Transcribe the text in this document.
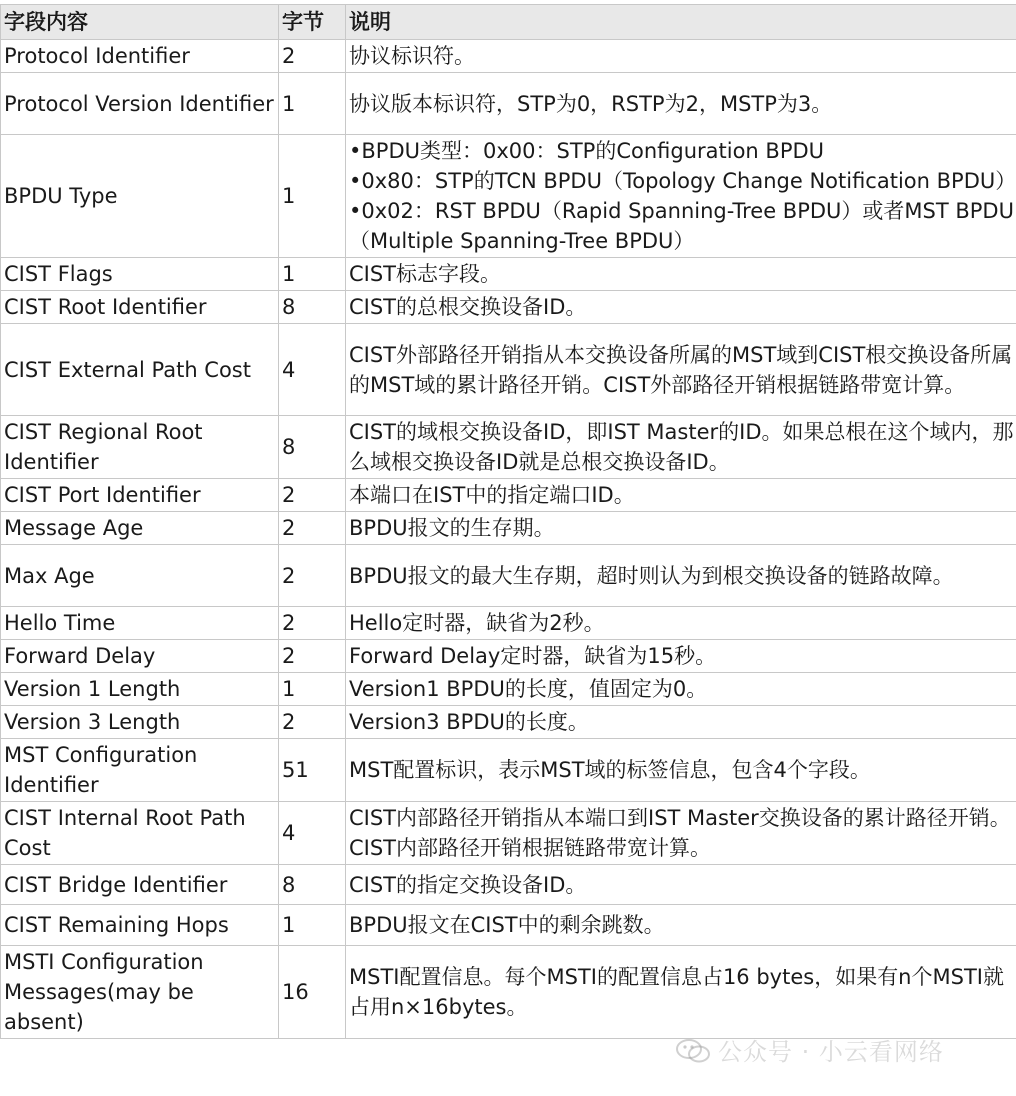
字段内容	字节	说明
Protocol Identifier	2	协议标识符。

Protocol Version Identifier	1	协议版本标识符，STP为0，RSTP为2，MSTP为3。

BPDU Type	1	•BPDU类型：0x00：STP的Configuration BPDU
•0x80：STP的TCN BPDU（Topology Change Notification BPDU）
•0x02：RST BPDU（Rapid Spanning-Tree BPDU）或者MST BPDU（Multiple Spanning-Tree BPDU）

CIST Flags	1	CIST标志字段。

CIST Root Identifier	8	CIST的总根交换设备ID。

CIST External Path Cost	4	CIST外部路径开销指从本交换设备所属的MST域到CIST根交换设备所属的MST域的累计路径开销。CIST外部路径开销根据链路带宽计算。

CIST Regional Root Identifier	8	CIST的域根交换设备ID，即IST Master的ID。如果总根在这个域内，那么域根交换设备ID就是总根交换设备ID。

CIST Port Identifier	2	本端口在IST中的指定端口ID。

Message Age	2	BPDU报文的生存期。

Max Age	2	BPDU报文的最大生存期，超时则认为到根交换设备的链路故障。

Hello Time	2	Hello定时器，缺省为2秒。

Forward Delay	2	Forward Delay定时器，缺省为15秒。

Version 1 Length	1	Version1 BPDU的长度，值固定为0。

Version 3 Length	2	Version3 BPDU的长度。

MST Configuration Identifier	51	MST配置标识，表示MST域的标签信息，包含4个字段。

CIST Internal Root Path Cost	4	CIST内部路径开销指从本端口到IST Master交换设备的累计路径开销。CIST内部路径开销根据链路带宽计算。

CIST Bridge Identifier	8	CIST的指定交换设备ID。

CIST Remaining Hops	1	BPDU报文在CIST中的剩余跳数。

MSTI Configuration Messages(may be absent)	16	MSTI配置信息。每个MSTI的配置信息占16 bytes，如果有n个MSTI就占用n×16bytes。
公众号 · 小云看网络
